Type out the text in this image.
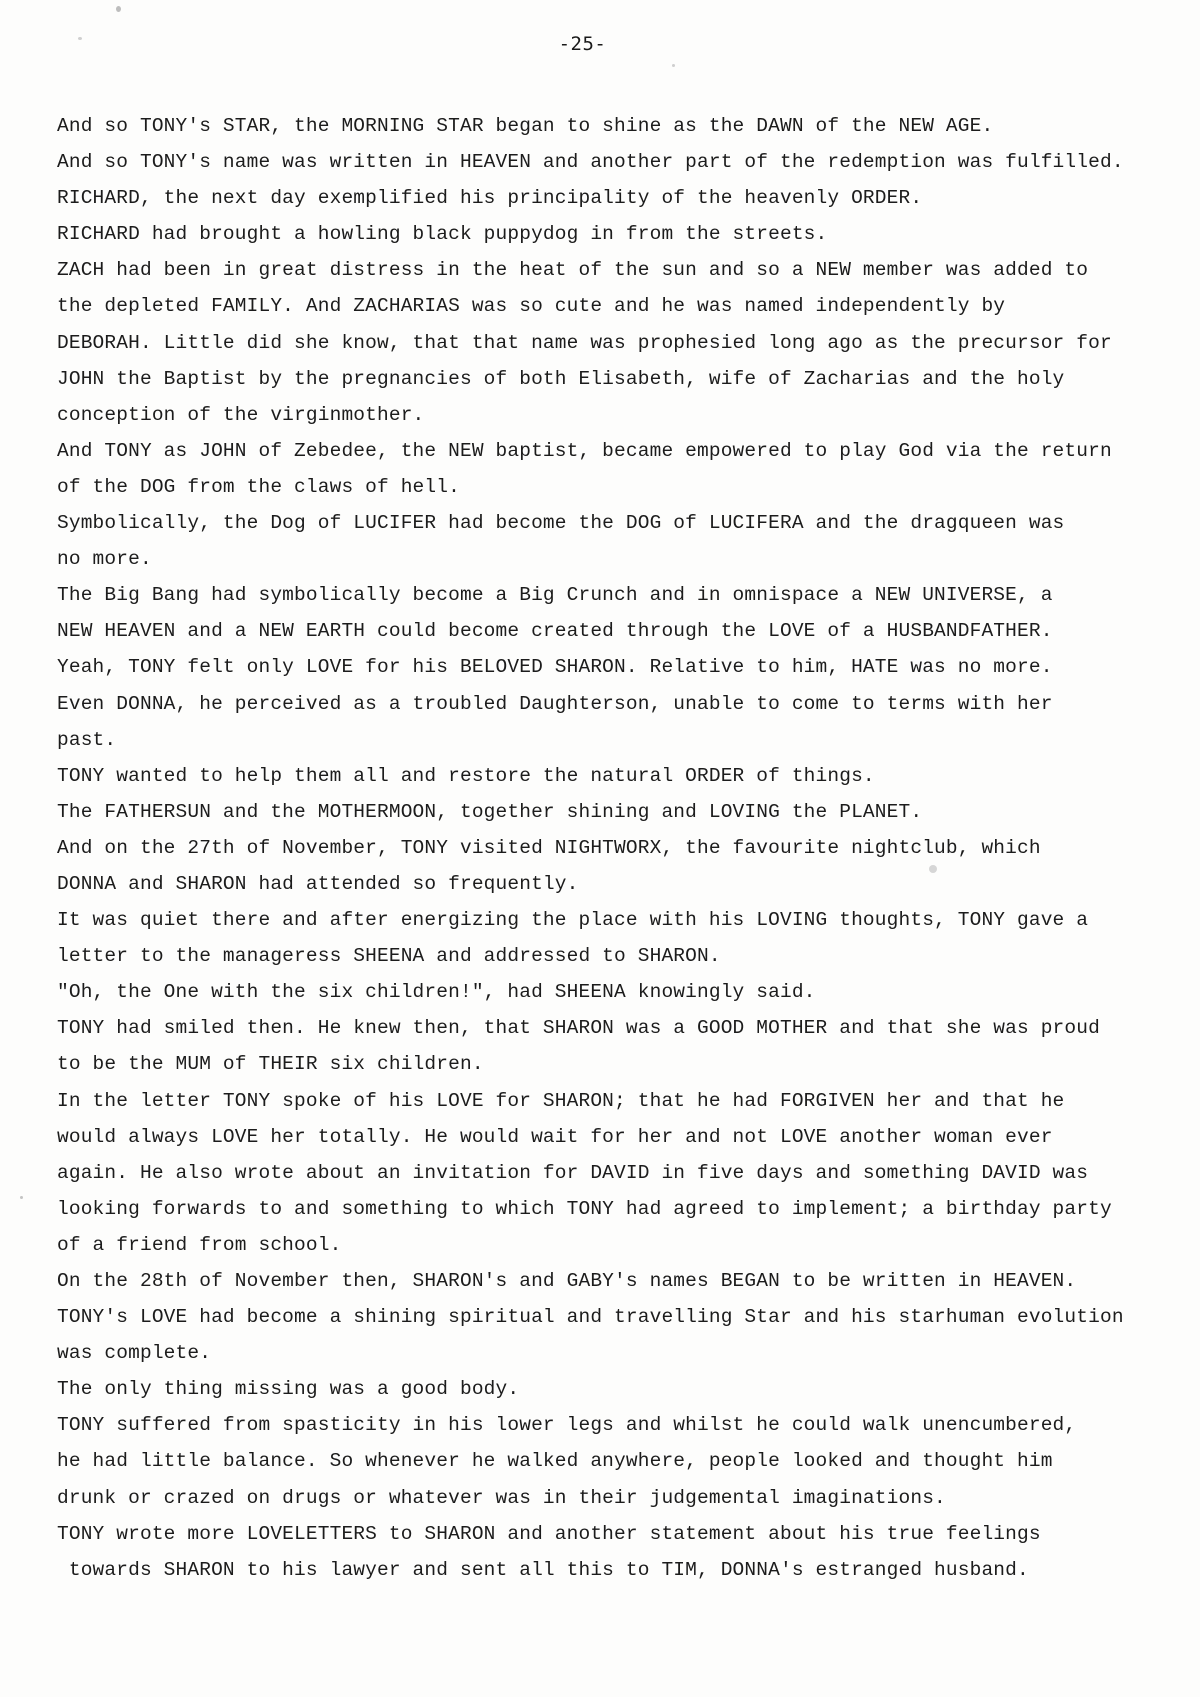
-25-
And so TONY's STAR, the MORNING STAR began to shine as the DAWN of the NEW AGE.
And so TONY's name was written in HEAVEN and another part of the redemption was fulfilled.
RICHARD, the next day exemplified his principality of the heavenly ORDER.
RICHARD had brought a howling black puppydog in from the streets.
ZACH had been in great distress in the heat of the sun and so a NEW member was added to
the depleted FAMILY. And ZACHARIAS was so cute and he was named independently by
DEBORAH. Little did she know, that that name was prophesied long ago as the precursor for
JOHN the Baptist by the pregnancies of both Elisabeth, wife of Zacharias and the holy
conception of the virginmother.
And TONY as JOHN of Zebedee, the NEW baptist, became empowered to play God via the return
of the DOG from the claws of hell.
Symbolically, the Dog of LUCIFER had become the DOG of LUCIFERA and the dragqueen was
no more.
The Big Bang had symbolically become a Big Crunch and in omnispace a NEW UNIVERSE, a
NEW HEAVEN and a NEW EARTH could become created through the LOVE of a HUSBANDFATHER.
Yeah, TONY felt only LOVE for his BELOVED SHARON. Relative to him, HATE was no more.
Even DONNA, he perceived as a troubled Daughterson, unable to come to terms with her
past.
TONY wanted to help them all and restore the natural ORDER of things.
The FATHERSUN and the MOTHERMOON, together shining and LOVING the PLANET.
And on the 27th of November, TONY visited NIGHTWORX, the favourite nightclub, which
DONNA and SHARON had attended so frequently.
It was quiet there and after energizing the place with his LOVING thoughts, TONY gave a
letter to the manageress SHEENA and addressed to SHARON.
"Oh, the One with the six children!", had SHEENA knowingly said.
TONY had smiled then. He knew then, that SHARON was a GOOD MOTHER and that she was proud
to be the MUM of THEIR six children.
In the letter TONY spoke of his LOVE for SHARON; that he had FORGIVEN her and that he
would always LOVE her totally. He would wait for her and not LOVE another woman ever
again. He also wrote about an invitation for DAVID in five days and something DAVID was
looking forwards to and something to which TONY had agreed to implement; a birthday party
of a friend from school.
On the 28th of November then, SHARON's and GABY's names BEGAN to be written in HEAVEN.
TONY's LOVE had become a shining spiritual and travelling Star and his starhuman evolution
was complete.
The only thing missing was a good body.
TONY suffered from spasticity in his lower legs and whilst he could walk unencumbered,
he had little balance. So whenever he walked anywhere, people looked and thought him
drunk or crazed on drugs or whatever was in their judgemental imaginations.
TONY wrote more LOVELETTERS to SHARON and another statement about his true feelings
towards SHARON to his lawyer and sent all this to TIM, DONNA's estranged husband.
